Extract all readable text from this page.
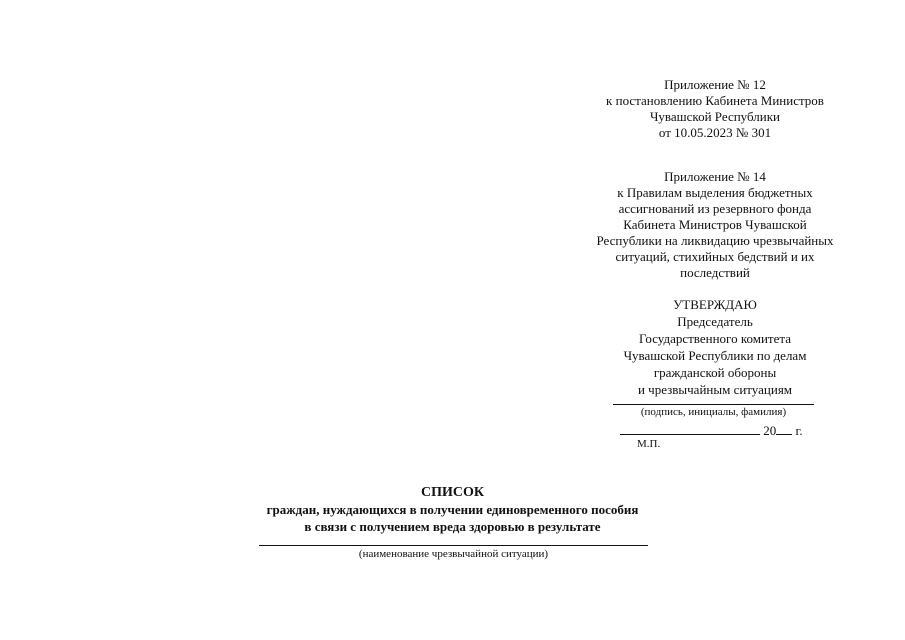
Приложение № 12
к постановлению Кабинета Министров
Чувашской Республики
от 10.05.2023 № 301
Приложение № 14
к Правилам выделения бюджетных
ассигнований из резервного фонда
Кабинета Министров Чувашской
Республики на ликвидацию чрезвычайных
ситуаций, стихийных бедствий и их
последствий
УТВЕРЖДАЮ
Председатель
Государственного комитета
Чувашской Республики по делам
гражданской обороны
и чрезвычайным ситуациям
(подпись, инициалы, фамилия)
20 г.
М.П.
СПИСОК
граждан, нуждающихся в получении единовременного пособия
в связи с получением вреда здоровью в результате
(наименование чрезвычайной ситуации)
